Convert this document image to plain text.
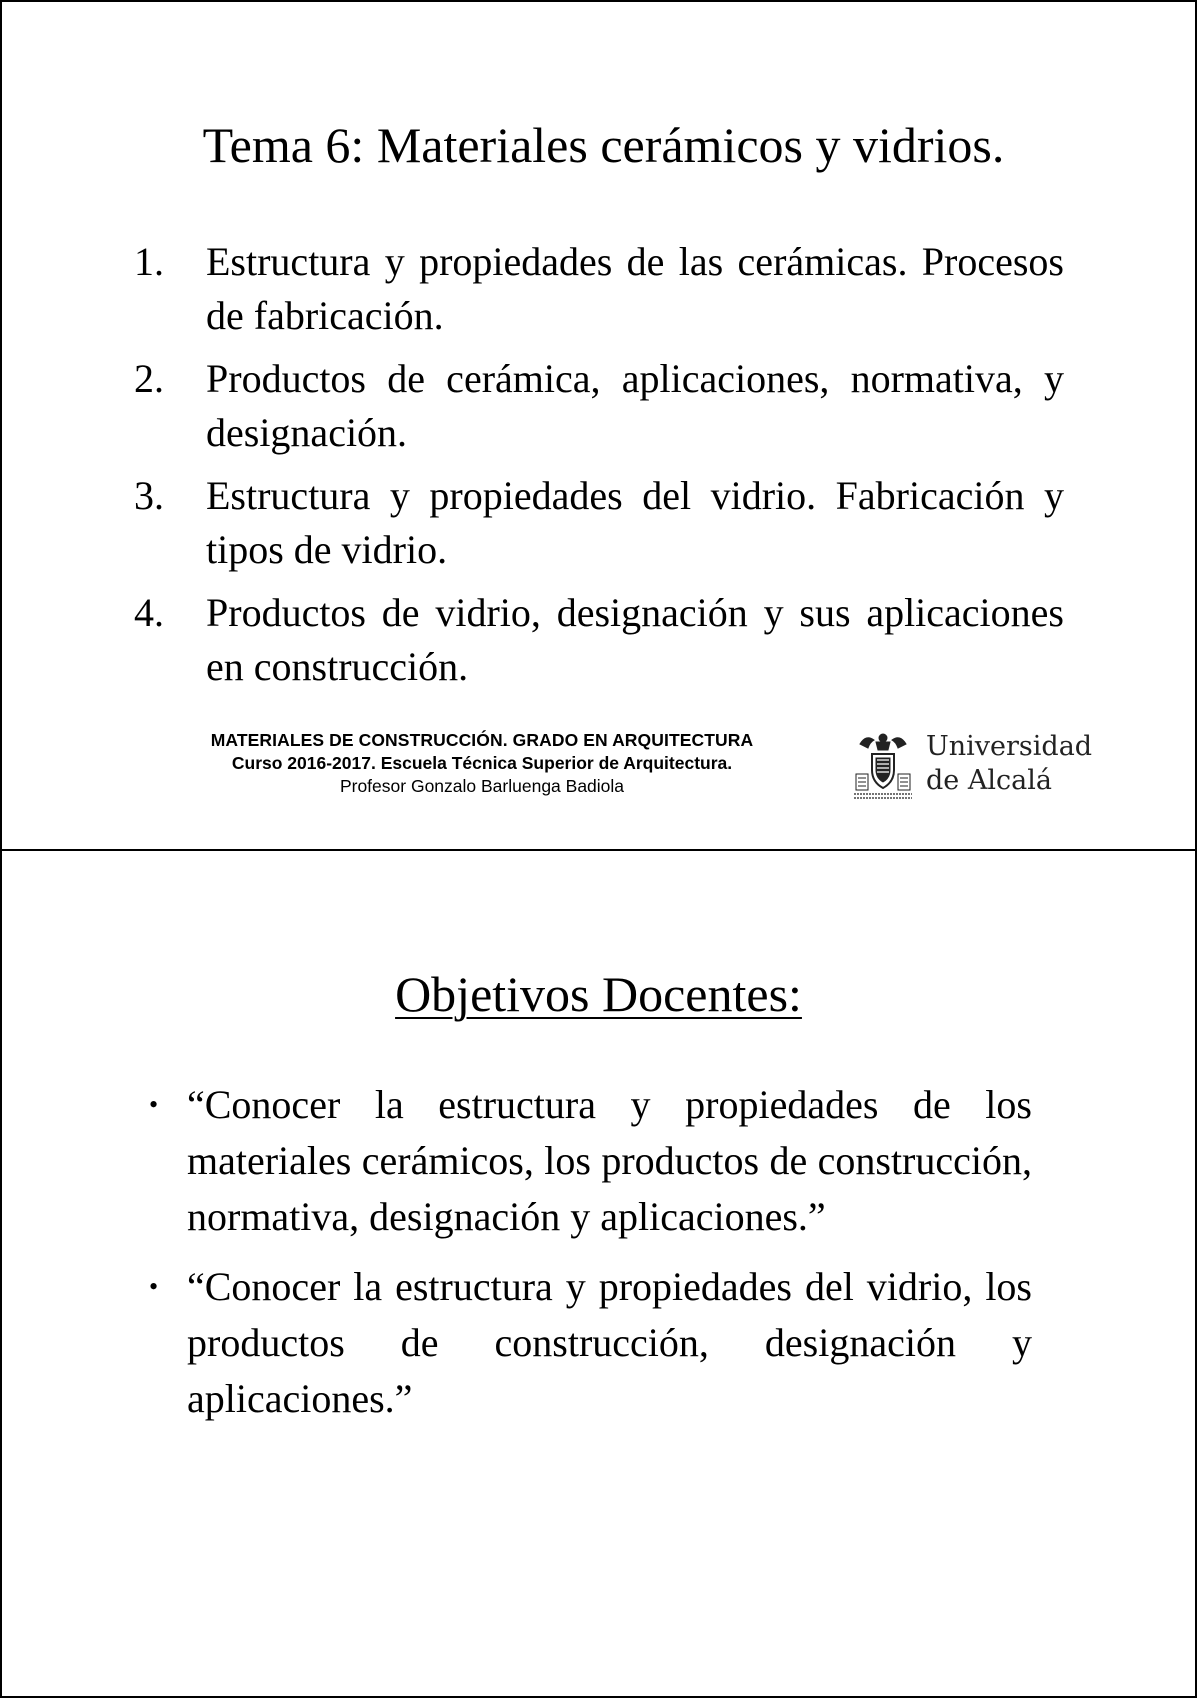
Tema 6: Materiales cerámicos y vidrios.
1. Estructura y propiedades de las cerámicas. Procesos de fabricación.
2. Productos de cerámica, aplicaciones, normativa, y designación.
3. Estructura y propiedades del vidrio. Fabricación y tipos de vidrio.
4. Productos de vidrio, designación y sus aplicaciones en construcción.
MATERIALES DE CONSTRUCCIÓN. GRADO EN ARQUITECTURA
Curso 2016-2017. Escuela Técnica Superior de Arquitectura.
Profesor Gonzalo Barluenga Badiola
Universidad
de Alcalá
Objetivos Docentes:
• “Conocer la estructura y propiedades de los materiales cerámicos, los productos de construcción, normativa, designación y aplicaciones.”
• “Conocer la estructura y propiedades del vidrio, los productos de construcción, designación y aplicaciones.”
